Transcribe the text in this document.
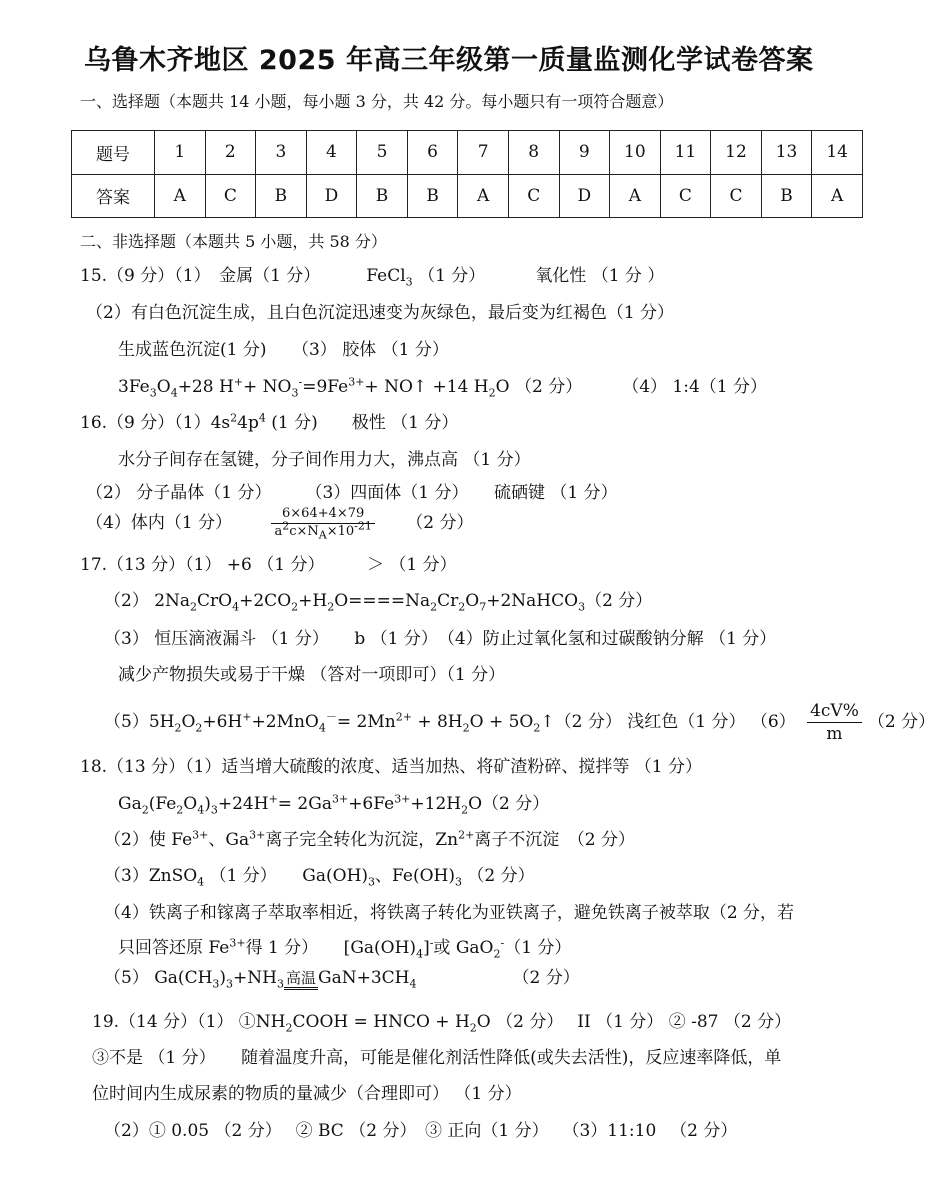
乌鲁木齐地区 2025 年高三年级第一质量监测化学试卷答案
一、选择题（本题共 14 小题，每小题 3 分，共 42 分。每小题只有一项符合题意）
题号	1	2	3	4	5	6	7	8	9	10	11	12	13	14
答案	A	C	B	D	B	B	A	C	D	A	C	C	B	A
二、非选择题（本题共 5 小题，共 58 分）
15.（9 分）（1）　金属（1 分）	FeCl$_3$ （1 分）	氧化性 （1 分 ）
（2）有白色沉淀生成，且白色沉淀迅速变为灰绿色，最后变为红褐色（1 分）
生成蓝色沉淀(1 分)　　（3） 胶体 （1 分）
$3Fe_3O_4+28$ $H^++ NO_3^-=9Fe^{3+}+$ NO↑ +14 $H_2O$ （2 分） （4） 1:4（1 分）
16.（9 分）$(1)4s^24p^4$ (1 分)　　极性 （1 分）
水分子间存在氢键，分子间作用力大，沸点高 （1 分）
（2） 分子晶体（1 分）　　　（3）四面体（1 分）　　硫硒键 （1 分）
（4）体内（1 分）	$\frac{6\times 64+4\times 79}{a^2c\times N_A\times 10^{-21}} (2$ 分）
17.（13 分）（1） +6 （1 分）　　　＞ （1 分）
（2） $2Na_2CrO_4+2CO_2+H_2O====Na_2Cr_2O_7+2NaHCO_3(2$ 分）
（3） 恒压滴液漏斗 （1 分）　　b （1 分）　（4）防止过氧化氢和过碳酸钠分解 （1 分）
减少产物损失或易于干燥 （答对一项即可）（1 分）
$(5)5H_2O_2+6H^++2MnO_4^-= 2Mn^{2+} + 8H_2O$ + $5O_2↑(2$ 分） 浅红色（1 分） $(6) \frac{4cV\%}{m} (2$ 分）
18.（13 分）（1）适当增大硫酸的浓度、适当加热、将矿渣粉碎、搅拌等 （1 分）
$Ga_2(Fe_2O_4)_3+24H^+= 2Ga^{3+}+6Fe^{3+}+12H_2O(2$ 分）
（2）使 $Fe^{3+}$、$Ga^{3+}$离子完全转化为沉淀，$Zn^{2+}$离子不沉淀　（2 分）
（3）ZnSO$_4$ （1 分）　　$Ga(OH)_3$、$Fe(OH)_3$ （2 分）
（4）铁离子和镓离子萃取率相近，将铁离子转化为亚铁离子，避免铁离子被萃取（2 分，若
只回答还原 $Fe^{3+}$得 1 分）　　$[Ga(OH)_4]^-$或 GaO$_2$-（1 分）
（5） $Ga(CH_3)_3+NH_3$ 高温 $GaN+3CH_4$	（2 分）
19.（14 分）（1） $①NH_2COOH$ = HNCO + $H_2O$ （2 分）　 II （1 分） ② -87 （2 分）
③不是 （1 分）　　随着温度升高，可能是催化剂活性降低(或失去活性)，反应速率降低，单
位时间内生成尿素的物质的量减少（合理即可） （1 分）
（2）① 0.05 （2 分）　 ② BC （2 分）　③ 正向（1 分）　 （3）11:10 　（2 分）
